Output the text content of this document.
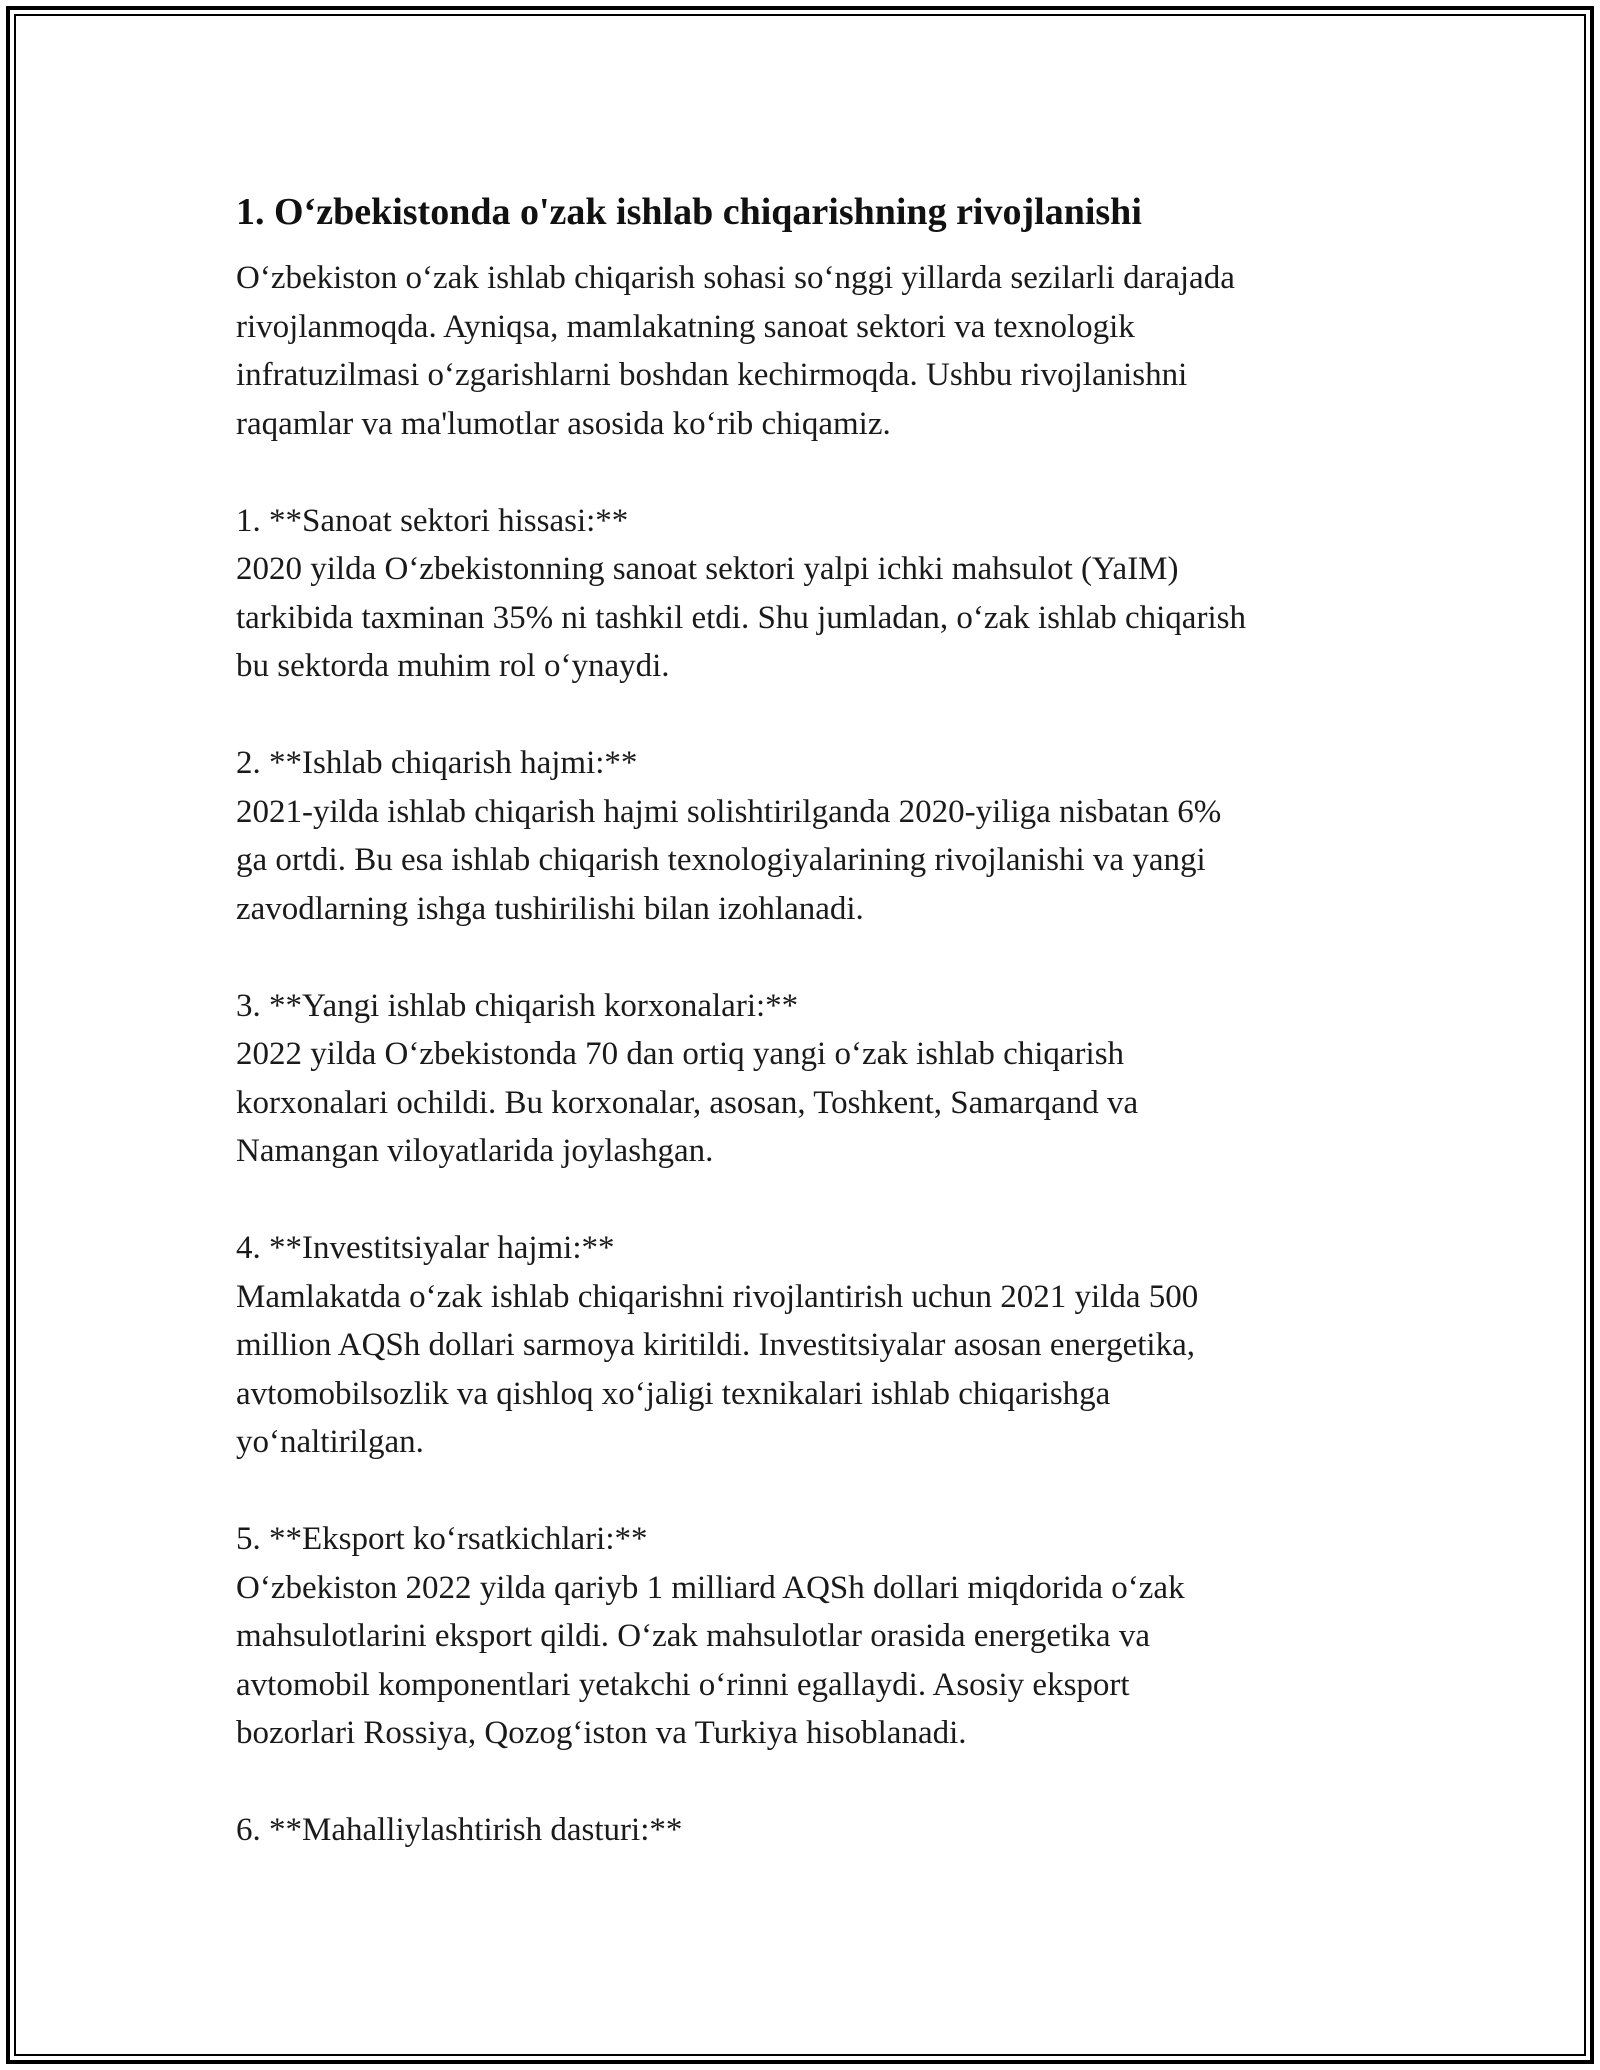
1. O‘zbekistonda o'zak ishlab chiqarishning rivojlanishi

O‘zbekiston o‘zak ishlab chiqarish sohasi so‘nggi yillarda sezilarli darajada
rivojlanmoqda. Ayniqsa, mamlakatning sanoat sektori va texnologik
infratuzilmasi o‘zgarishlarni boshdan kechirmoqda. Ushbu rivojlanishni
raqamlar va ma'lumotlar asosida ko‘rib chiqamiz.

1. **Sanoat sektori hissasi:**

2020 yilda O‘zbekistonning sanoat sektori yalpi ichki mahsulot (YaIM)
tarkibida taxminan 35% ni tashkil etdi. Shu jumladan, o‘zak ishlab chiqarish
bu sektorda muhim rol o‘ynaydi.

2. **Ishlab chiqarish hajmi:**

2021-yilda ishlab chiqarish hajmi solishtirilganda 2020-yiliga nisbatan 6%
ga ortdi. Bu esa ishlab chiqarish texnologiyalarining rivojlanishi va yangi
zavodlarning ishga tushirilishi bilan izohlanadi.

3. **Yangi ishlab chiqarish korxonalari:**

2022 yilda O‘zbekistonda 70 dan ortiq yangi o‘zak ishlab chiqarish
korxonalari ochildi. Bu korxonalar, asosan, Toshkent, Samarqand va
Namangan viloyatlarida joylashgan.

4. **Investitsiyalar hajmi:**

Mamlakatda o‘zak ishlab chiqarishni rivojlantirish uchun 2021 yilda 500
million AQSh dollari sarmoya kiritildi. Investitsiyalar asosan energetika,
avtomobilsozlik va qishloq xo‘jaligi texnikalari ishlab chiqarishga
yo‘naltirilgan.

5. **Eksport ko‘rsatkichlari:**

O‘zbekiston 2022 yilda qariyb 1 milliard AQSh dollari miqdorida o‘zak
mahsulotlarini eksport qildi. O‘zak mahsulotlar orasida energetika va
avtomobil komponentlari yetakchi o‘rinni egallaydi. Asosiy eksport
bozorlari Rossiya, Qozog‘iston va Turkiya hisoblanadi.

6. **Mahalliylashtirish dasturi:**
